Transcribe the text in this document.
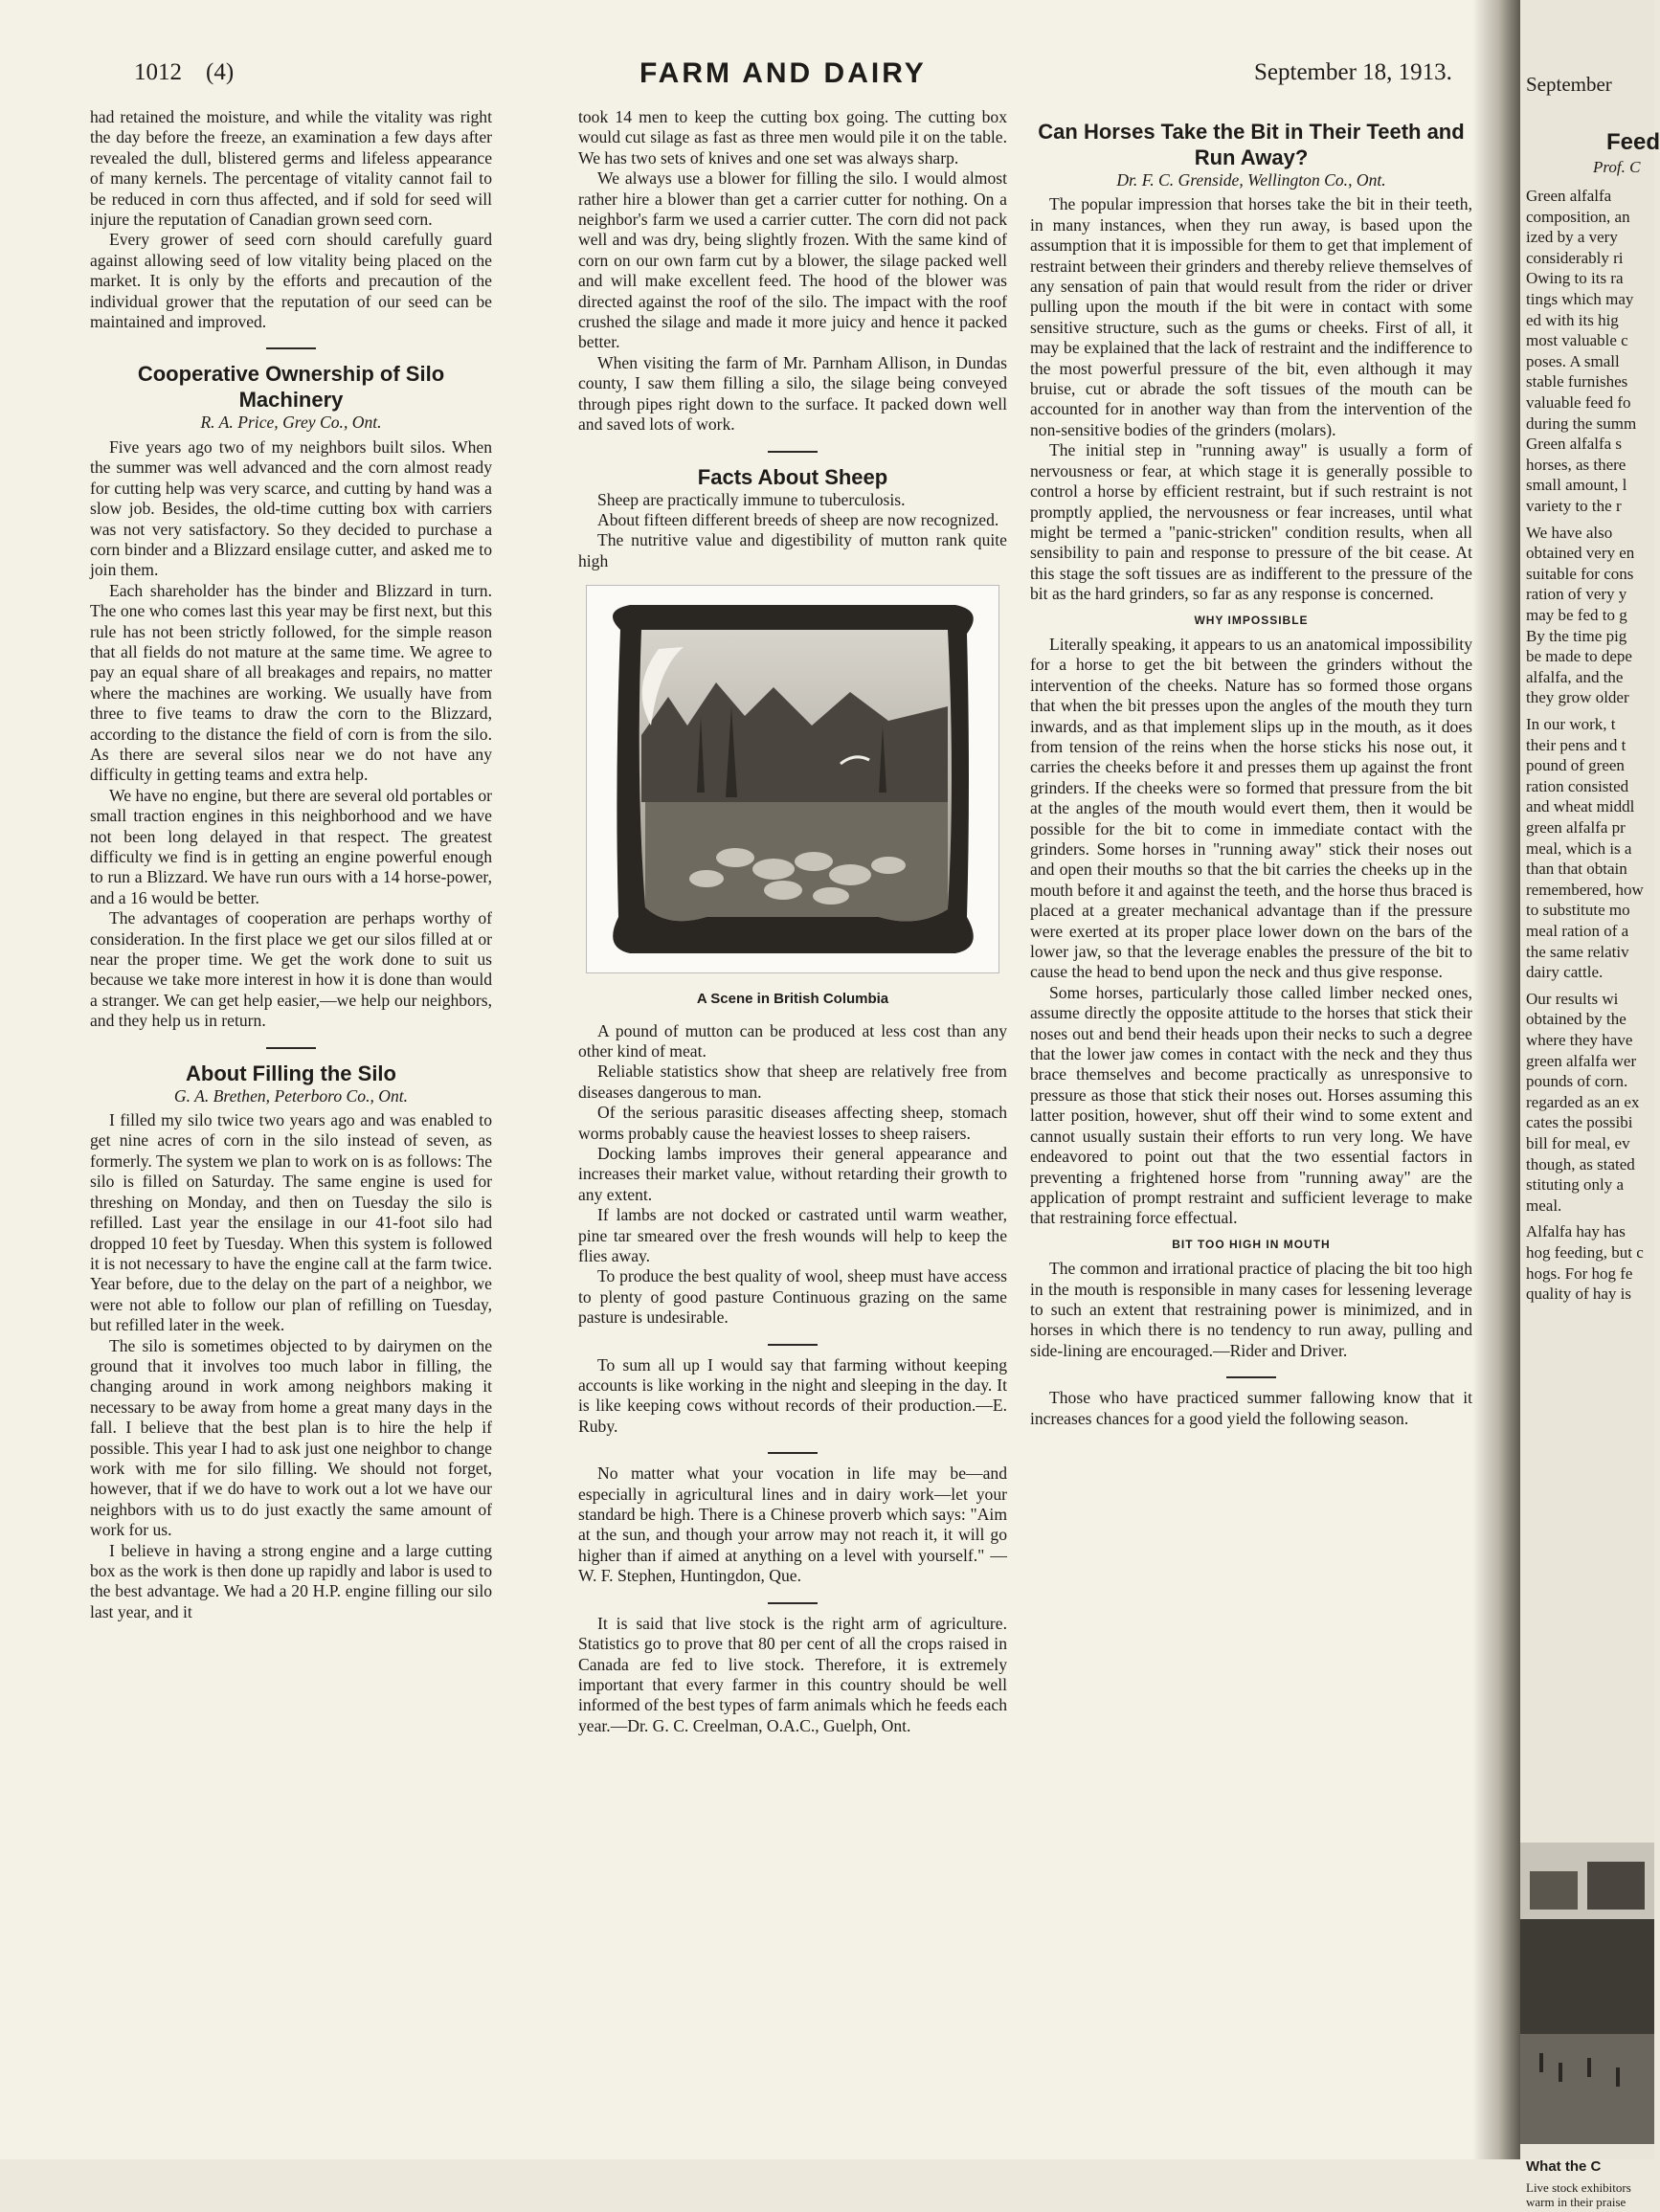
1012 (4)	FARM AND DAIRY	September 18, 1913.

had retained the moisture, and while the vitality was right the day before the freeze, an examination a few days after revealed the dull, blistered germs and lifeless appearance of many kernels. The percentage of vitality cannot fail to be reduced in corn thus affected, and if sold for seed will injure the reputation of Canadian grown seed corn.

Every grower of seed corn should carefully guard against allowing seed of low vitality being placed on the market. It is only by the efforts and precaution of the individual grower that the reputation of our seed can be maintained and improved.

Cooperative Ownership of Silo Machinery
R. A. Price, Grey Co., Ont.

Five years ago two of my neighbors built silos. When the summer was well advanced and the corn almost ready for cutting help was very scarce, and cutting by hand was a slow job. Besides, the old-time cutting box with carriers was not very satisfactory. So they decided to purchase a corn binder and a Blizzard ensilage cutter, and asked me to join them.

Each shareholder has the binder and Blizzard in turn. The one who comes last this year may be first next, but this rule has not been strictly followed, for the simple reason that all fields do not mature at the same time. We agree to pay an equal share of all breakages and repairs, no matter where the machines are working. We usually have from three to five teams to draw the corn to the Blizzard, according to the distance the field of corn is from the silo. As there are several silos near we do not have any difficulty in getting teams and extra help.

We have no engine, but there are several old portables or small traction engines in this neighborhood and we have not been long delayed in that respect. The greatest difficulty we find is in getting an engine powerful enough to run a Blizzard. We have run ours with a 14 horse-power, and a 16 would be better.

The advantages of cooperation are perhaps worthy of consideration. In the first place we get our silos filled at or near the proper time. We get the work done to suit us because we take more interest in how it is done than would a stranger. We can get help easier,—we help our neighbors, and they help us in return.

About Filling the Silo
G. A. Brethen, Peterboro Co., Ont.

I filled my silo twice two years ago and was enabled to get nine acres of corn in the silo instead of seven, as formerly. The system we plan to work on is as follows: The silo is filled on Saturday. The same engine is used for threshing on Monday, and then on Tuesday the silo is refilled. Last year the ensilage in our 41-foot silo had dropped 10 feet by Tuesday. When this system is followed it is not necessary to have the engine call at the farm twice. Year before, due to the delay on the part of a neighbor, we were not able to follow our plan of refilling on Tuesday, but refilled later in the week.

The silo is sometimes objected to by dairymen on the ground that it involves too much labor in filling, the changing around in work among neighbors making it necessary to be away from home a great many days in the fall. I believe that the best plan is to hire the help if possible. This year I had to ask just one neighbor to change work with me for silo filling. We should not forget, however, that if we do have to work out a lot we have our neighbors with us to do just exactly the same amount of work for us.

I believe in having a strong engine and a large cutting box as the work is then done up rapidly and labor is used to the best advantage. We had a 20 H.P. engine filling our silo last year, and it

took 14 men to keep the cutting box going. The cutting box would cut silage as fast as three men would pile it on the table. We has two sets of knives and one set was always sharp.

We always use a blower for filling the silo. I would almost rather hire a blower than get a carrier cutter for nothing. On a neighbor's farm we used a carrier cutter. The corn did not pack well and was dry, being slightly frozen. With the same kind of corn on our own farm cut by a blower, the silage packed well and will make excellent feed. The hood of the blower was directed against the roof of the silo. The impact with the roof crushed the silage and made it more juicy and hence it packed better.

When visiting the farm of Mr. Parnham Allison, in Dundas county, I saw them filling a silo, the silage being conveyed through pipes right down to the surface. It packed down well and saved lots of work.

Facts About Sheep

Sheep are practically immune to tuberculosis.

About fifteen different breeds of sheep are now recognized.

The nutritive value and digestibility of mutton rank quite high

A Scene in British Columbia

A pound of mutton can be produced at less cost than any other kind of meat.

Reliable statistics show that sheep are relatively free from diseases dangerous to man.

Of the serious parasitic diseases affecting sheep, stomach worms probably cause the heaviest losses to sheep raisers.

Docking lambs improves their general appearance and increases their market value, without retarding their growth to any extent.

If lambs are not docked or castrated until warm weather, pine tar smeared over the fresh wounds will help to keep the flies away.

To produce the best quality of wool, sheep must have access to plenty of good pasture Continuous grazing on the same pasture is undesirable.

To sum all up I would say that farming without keeping accounts is like working in the night and sleeping in the day. It is like keeping cows without records of their production.—E. Ruby.

No matter what your vocation in life may be—and especially in agricultural lines and in dairy work—let your standard be high. There is a Chinese proverb which says: "Aim at the sun, and though your arrow may not reach it, it will go higher than if aimed at anything on a level with yourself." — W. F. Stephen, Huntingdon, Que.

It is said that live stock is the right arm of agriculture. Statistics go to prove that 80 per cent of all the crops raised in Canada are fed to live stock. Therefore, it is extremely important that every farmer in this country should be well informed of the best types of farm animals which he feeds each year.—Dr. G. C. Creelman, O.A.C., Guelph, Ont.

Can Horses Take the Bit in Their Teeth and Run Away?
Dr. F. C. Grenside, Wellington Co., Ont.

The popular impression that horses take the bit in their teeth, in many instances, when they run away, is based upon the assumption that it is impossible for them to get that implement of restraint between their grinders and thereby relieve themselves of any sensation of pain that would result from the rider or driver pulling upon the mouth if the bit were in contact with some sensitive structure, such as the gums or cheeks. First of all, it may be explained that the lack of restraint and the indifference to the most powerful pressure of the bit, even although it may bruise, cut or abrade the soft tissues of the mouth can be accounted for in another way than from the intervention of the non-sensitive bodies of the grinders (molars).

The initial step in "running away" is usually a form of nervousness or fear, at which stage it is generally possible to control a horse by efficient restraint, but if such restraint is not promptly applied, the nervousness or fear increases, until what might be termed a "panic-stricken" condition results, when all sensibility to pain and response to pressure of the bit cease. At this stage the soft tissues are as indifferent to the pressure of the bit as the hard grinders, so far as any response is concerned.

WHY IMPOSSIBLE

Literally speaking, it appears to us an anatomical impossibility for a horse to get the bit between the grinders without the intervention of the cheeks. Nature has so formed those organs that when the bit presses upon the angles of the mouth they turn inwards, and as that implement slips up in the mouth, as it does from tension of the reins when the horse sticks his nose out, it carries the cheeks before it and presses them up against the front grinders. If the cheeks were so formed that pressure from the bit at the angles of the mouth would evert them, then it would be possible for the bit to come in immediate contact with the grinders. Some horses in "running away" stick their noses out and open their mouths so that the bit carries the cheeks up in the mouth before it and against the teeth, and the horse thus braced is placed at a greater mechanical advantage than if the pressure were exerted at its proper place lower down on the bars of the lower jaw, so that the leverage enables the pressure of the bit to cause the head to bend upon the neck and thus give response.

Some horses, particularly those called limber necked ones, assume directly the opposite attitude to the horses that stick their noses out and bend their heads upon their necks to such a degree that the lower jaw comes in contact with the neck and they thus brace themselves and become practically as unresponsive to pressure as those that stick their noses out. Horses assuming this latter position, however, shut off their wind to some extent and cannot usually sustain their efforts to run very long. We have endeavored to point out that the two essential factors in preventing a frightened horse from "running away" are the application of prompt restraint and sufficient leverage to make that restraining force effectual.

BIT TOO HIGH IN MOUTH

The common and irrational practice of placing the bit too high in the mouth is responsible in many cases for lessening leverage to such an extent that restraining power is minimized, and in horses in which there is no tendency to run away, pulling and side-lining are encouraged.—Rider and Driver.

Those who have practiced summer fallowing know that it increases chances for a good yield the following season.

September
Feed
Prof. C
Green alfalfa
composition, an
ized by a very
considerably ri
Owing to its ra
tings which may
ed with its hig
most valuable c
poses. A small
stable furnishes
valuable feed fo
during the summ
Green alfalfa s
horses, as there
small amount, l
variety to the r
We have also
obtained very en
suitable for cons
ration of very y
may be fed to g
By the time pig
be made to depe
alfalfa, and the
they grow older
In our work, t
their pens and t
pound of green
ration consisted
and wheat middl
green alfalfa pr
meal, which is a
than that obtain
remembered, how
to substitute mo
meal ration of a
the same relativ
dairy cattle.
Our results wi
obtained by the
where they have
green alfalfa wer
pounds of corn.
regarded as an ex
cates the possibi
bill for meal, ev
though, as stated
stituting only a
meal.
Alfalfa hay has
hog feeding, but c
hogs. For hog fe
quality of hay is
What the C
Live stock exhibitors
warm in their praise
